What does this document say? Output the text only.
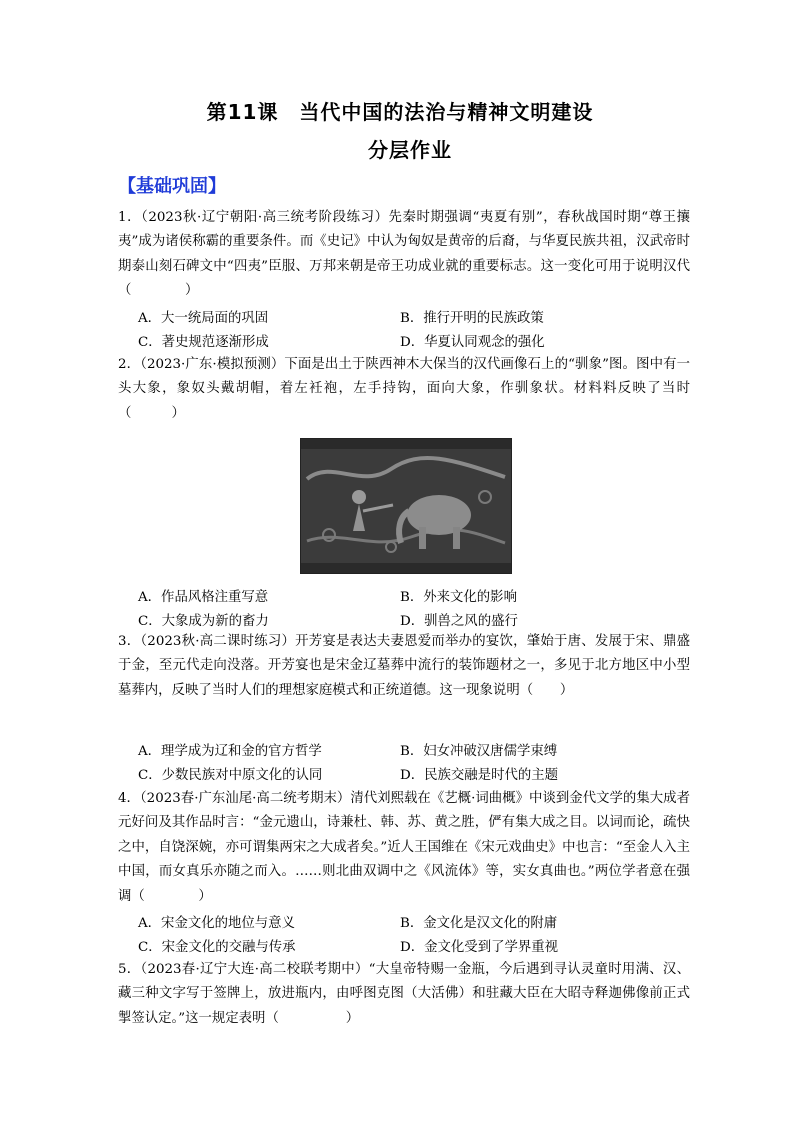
第11课　当代中国的法治与精神文明建设
分层作业
【基础巩固】
1．（2023秋·辽宁朝阳·高三统考阶段练习）先秦时期强调“夷夏有别”，春秋战国时期“尊王攘夷”成为诸侯称霸的重要条件。而《史记》中认为匈奴是黄帝的后裔，与华夏民族共祖，汉武帝时期泰山刻石碑文中“四夷”臣服、万邦来朝是帝王功成业就的重要标志。这一变化可用于说明汉代（　　　　）
A．大一统局面的巩固	B．推行开明的民族政策
C．著史规范逐渐形成	D．华夏认同观念的强化
2．（2023·广东·模拟预测）下面是出土于陕西神木大保当的汉代画像石上的“驯象”图。图中有一头大象，象奴头戴胡帽，着左衽袍，左手持钩，面向大象，作驯象状。材料料反映了当时（　　　）
A．作品风格注重写意	B．外来文化的影响
C．大象成为新的畜力	D．驯兽之风的盛行
3．（2023秋·高二课时练习）开芳宴是表达夫妻恩爱而举办的宴饮，肇始于唐、发展于宋、鼎盛于金，至元代走向没落。开芳宴也是宋金辽墓葬中流行的装饰题材之一，多见于北方地区中小型墓葬内，反映了当时人们的理想家庭模式和正统道德。这一现象说明（　　）
A．理学成为辽和金的官方哲学	B．妇女冲破汉唐儒学束缚
C．少数民族对中原文化的认同	D．民族交融是时代的主题
4．（2023春·广东汕尾·高二统考期末）清代刘熙载在《艺概·词曲概》中谈到金代文学的集大成者元好问及其作品时言：“金元遗山，诗兼杜、韩、苏、黄之胜，俨有集大成之目。以词而论，疏快之中，自饶深婉，亦可谓集两宋之大成者矣。”近人王国维在《宋元戏曲史》中也言：“至金人入主中国，而女真乐亦随之而入。……则北曲双调中之《风流体》等，实女真曲也。”两位学者意在强调（　　　　）
A．宋金文化的地位与意义	B．金文化是汉文化的附庸
C．宋金文化的交融与传承	D．金文化受到了学界重视
5．（2023春·辽宁大连·高二校联考期中）“大皇帝特赐一金瓶，今后遇到寻认灵童时用满、汉、藏三种文字写于签牌上，放进瓶内，由呼图克图（大活佛）和驻藏大臣在大昭寺释迦佛像前正式掣签认定。”这一规定表明（　　　　　）
